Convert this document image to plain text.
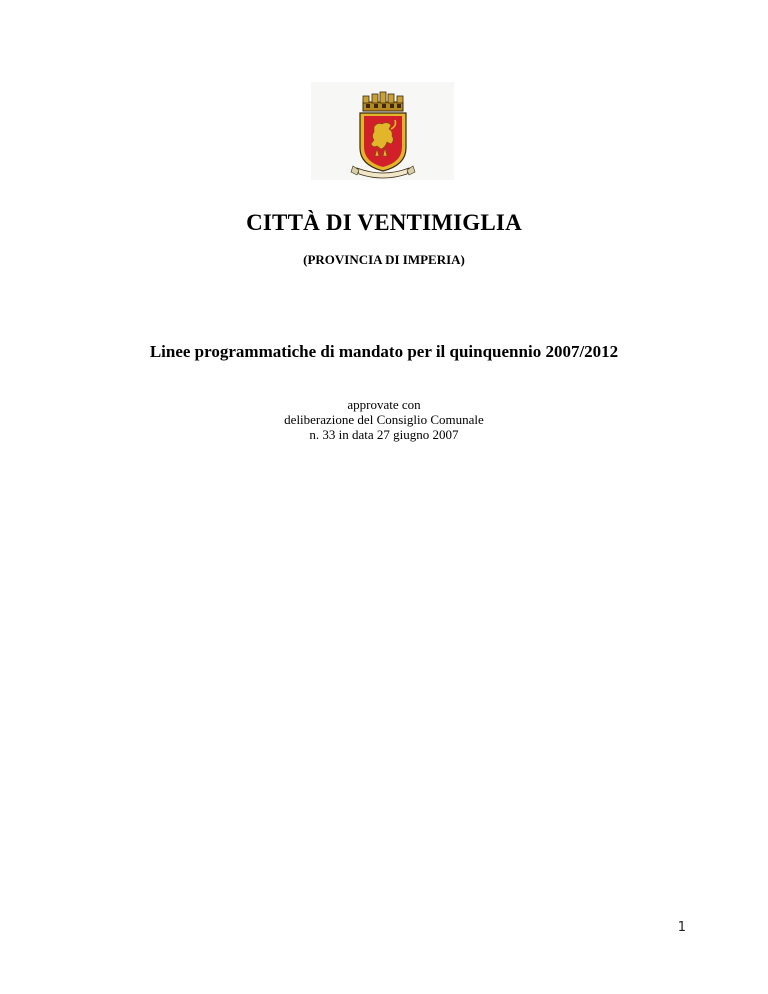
CITTÀ DI VENTIMIGLIA
(PROVINCIA DI IMPERIA)
Linee programmatiche di mandato per il quinquennio 2007/2012
approvate con
deliberazione del Consiglio Comunale
n. 33 in data 27 giugno 2007
1
